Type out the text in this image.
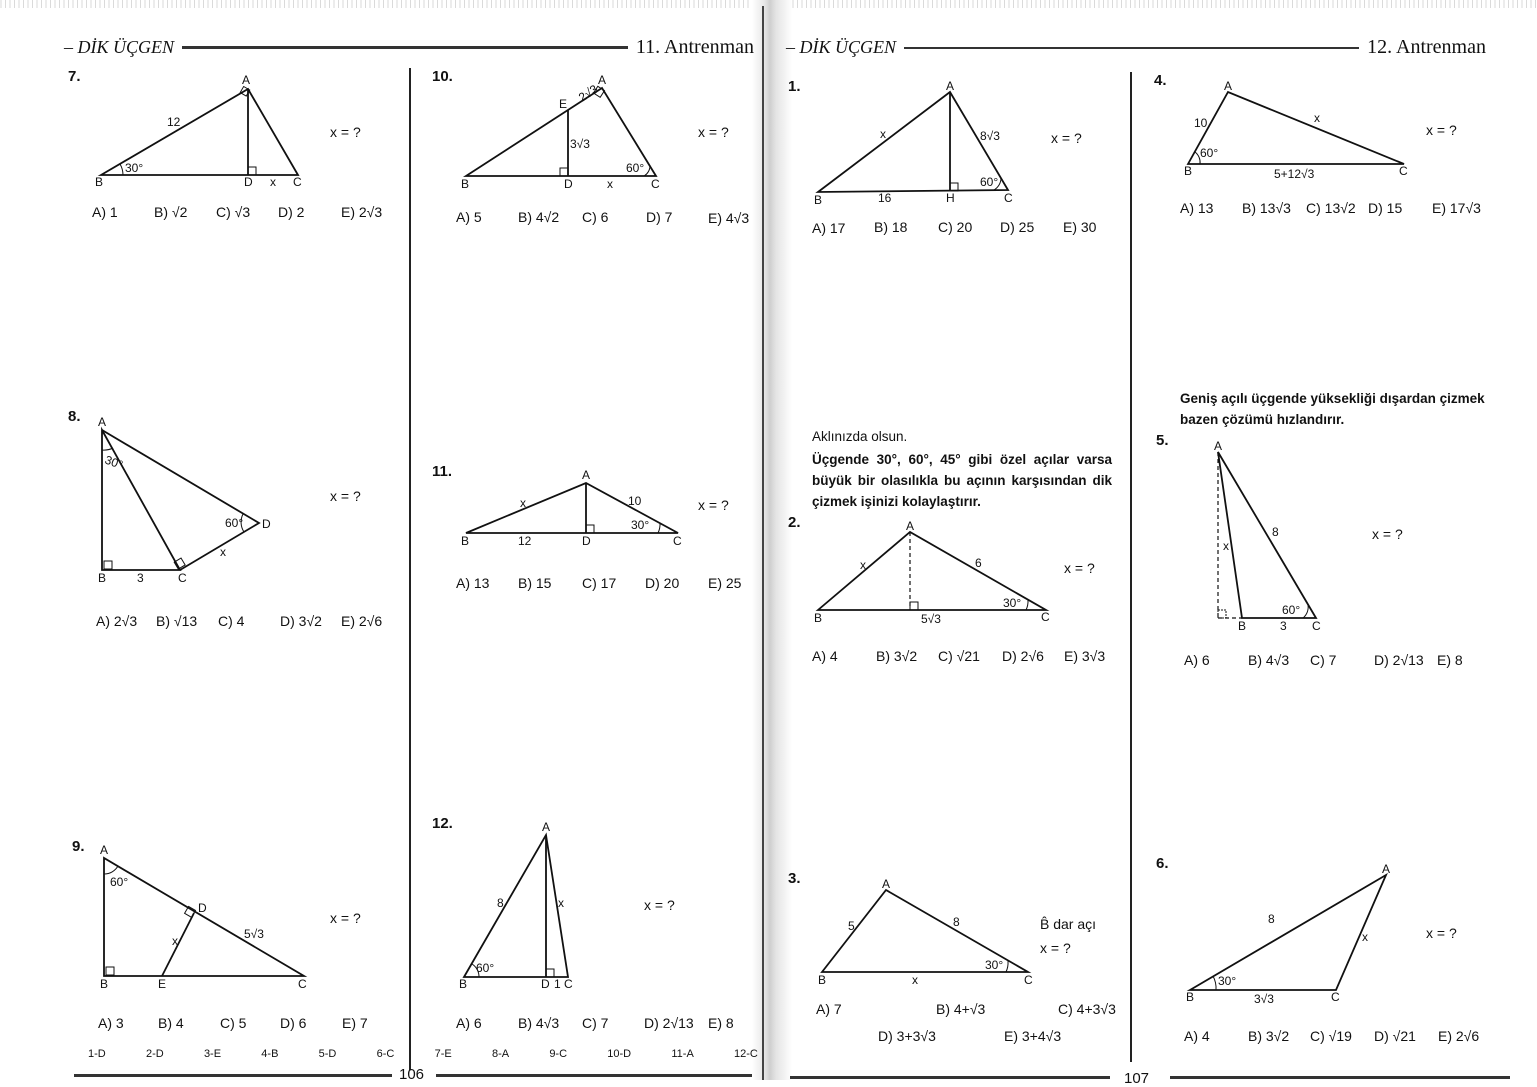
– DİK ÜÇGEN	11. Antrenman
7.	A
B	C
D
12
30°
x
x = ?
A) 1	B) √2 C) √3 D) 2	E) 2√3
8. A
B	C
D
30°
60°
3
x
x = ?
A) 2√3 B) √13 C) 4	D) 3√2 E) 2√6
9. A
B	C
D
E
60°
5√3
x
x = ?
A) 3 B) 4	C) 5 D) 6	E) 7
10.	A
B	C
D
E 2√3
3√3
60°
x
x = ?
A) 5	B) 4√2 C) 6	D) 7	E) 4√3
11.	A
B	C
D
x	10
30°
12
x = ?
A) 13 B) 15 C) 17 D) 20 E) 25
12.	A
B	C
D
8	x
60°
1
x = ?
A) 6	B) 4√3 C) 7	D) 2√13 E) 8
1-D	2-D	3-E	4-B	5-D	6-C	7-E	8-A	9-C	10-D	11-A	12-C
106
– DİK ÜÇGEN	12. Antrenman
1.	A
B	C
H
x	8√3
60°
16
x = ?
A) 17 B) 18 C) 20 D) 25 E) 30
Aklınızda olsun.
Üçgende 30°, 60°, 45° gibi özel açılar varsa büyük bir olasılıkla bu açının karşısından dik çizmek işinizi kolaylaştırır.
2.	A
B	C
x	6
30°
5√3
x = ?
A) 4	B) 3√2 C) √21 D) 2√6 E) 3√3
3.	A
B	C
5	8
30°
x
B̂ dar açı
x = ?
A) 7	B) 4+√3	C) 4+3√3
D) 3+3√3	E) 3+4√3
4.	A
B	C
10	x
60°
5+12√3
x = ?
A) 13 B) 13√3 C) 13√2 D) 15 E) 17√3
Geniş açılı üçgende yüksekliği dışardan çizmek bazen çözümü hızlandırır.
5.	A
B	C
x
8
60°
3
x = ?
A) 6	B) 4√3 C) 7	D) 2√13 E) 8
6.	A
B	C
8
x
30°
3√3
x = ?
A) 4	B) 3√2 C) √19 D) √21 E) 2√6
107
